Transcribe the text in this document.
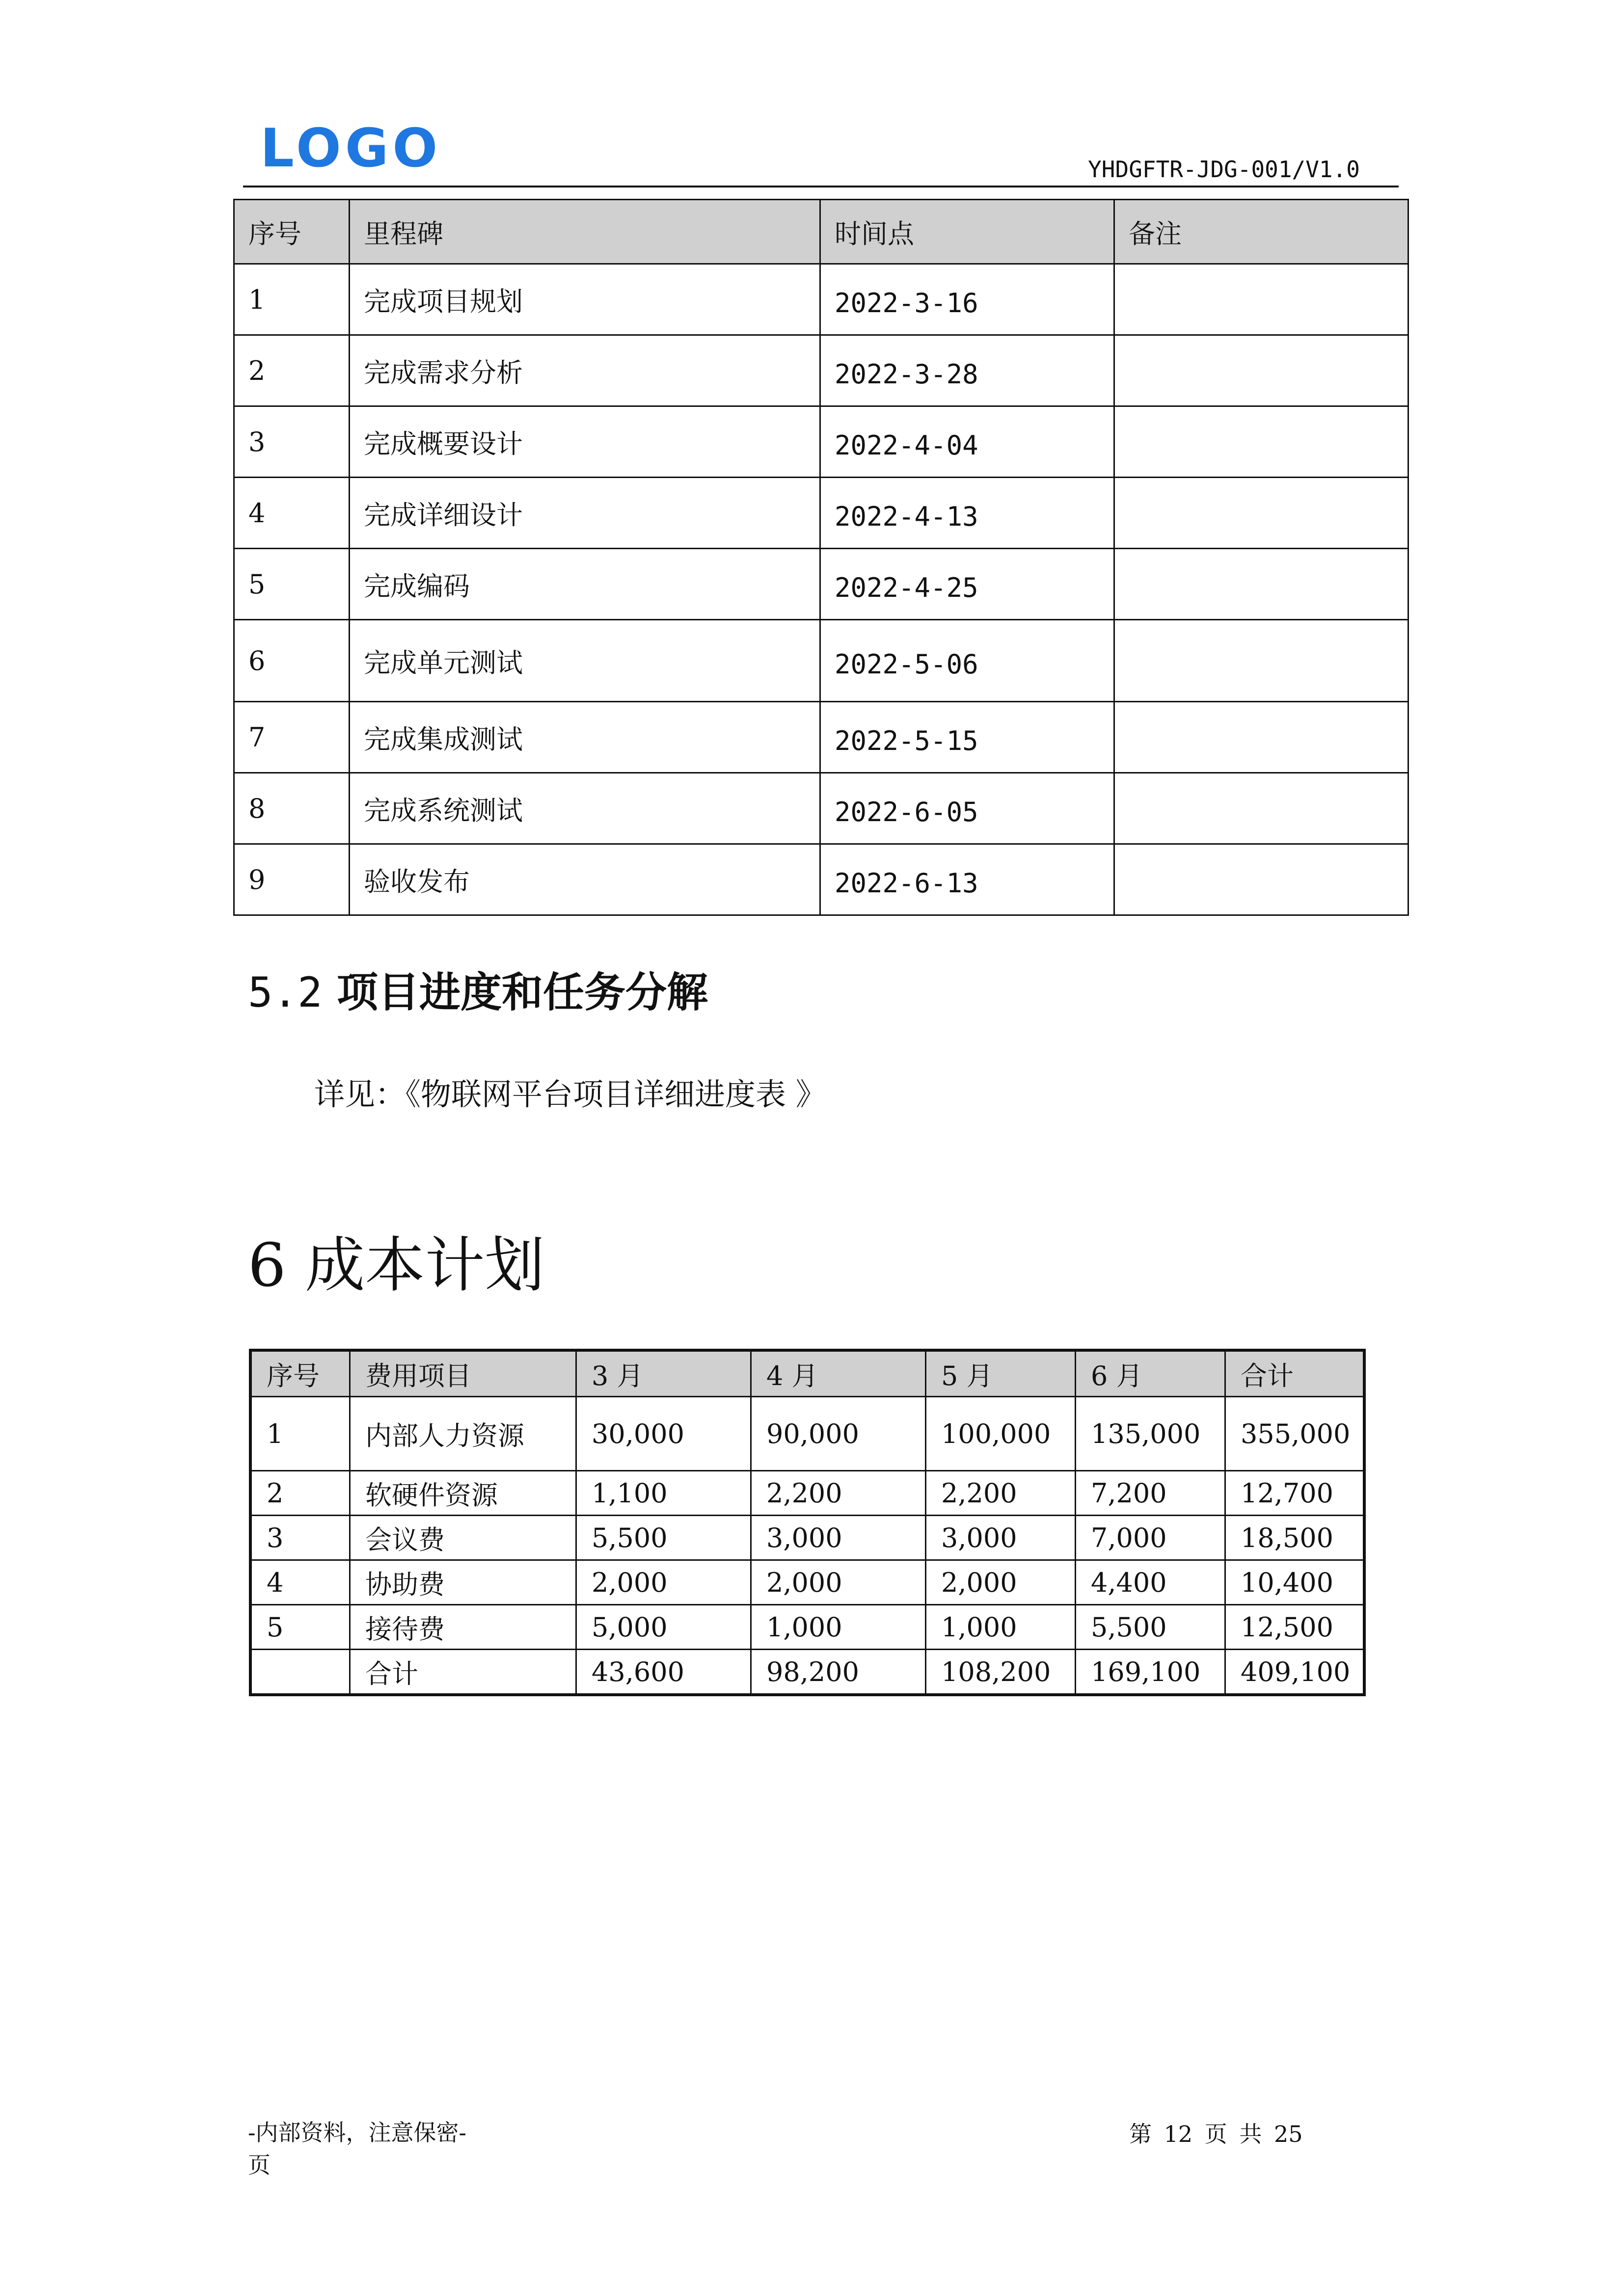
LOGO	YHDGFTR-JDG-001/V1.0
序号	里程碑	时间点	备注
1	完成项目规划	2022-3-16	
2	完成需求分析	2022-3-28	
3	完成概要设计	2022-4-04	
4	完成详细设计	2022-4-13	
5	完成编码	2022-4-25	
6	完成单元测试	2022-5-06	
7	完成集成测试	2022-5-15	
8	完成系统测试	2022-6-05	
9	验收发布	2022-6-13	
5.2 项目进度和任务分解
详见：《物联网平台项目详细进度表 》
6 成本计划
序号	费用项目	3 月	4 月	5 月	6 月	合计
1	内部人力资源	30,000	90,000	100,000	135,000	355,000
2	软硬件资源	1,100	2,200	2,200	7,200	12,700
3	会议费	5,500	3,000	3,000	7,000	18,500
4	协助费	2,000	2,000	2,000	4,400	10,400
5	接待费	5,000	1,000	1,000	5,500	12,500
	合计	43,600	98,200	108,200	169,100	409,100
-内部资料，注意保密-
页
第 12 页 共 25
